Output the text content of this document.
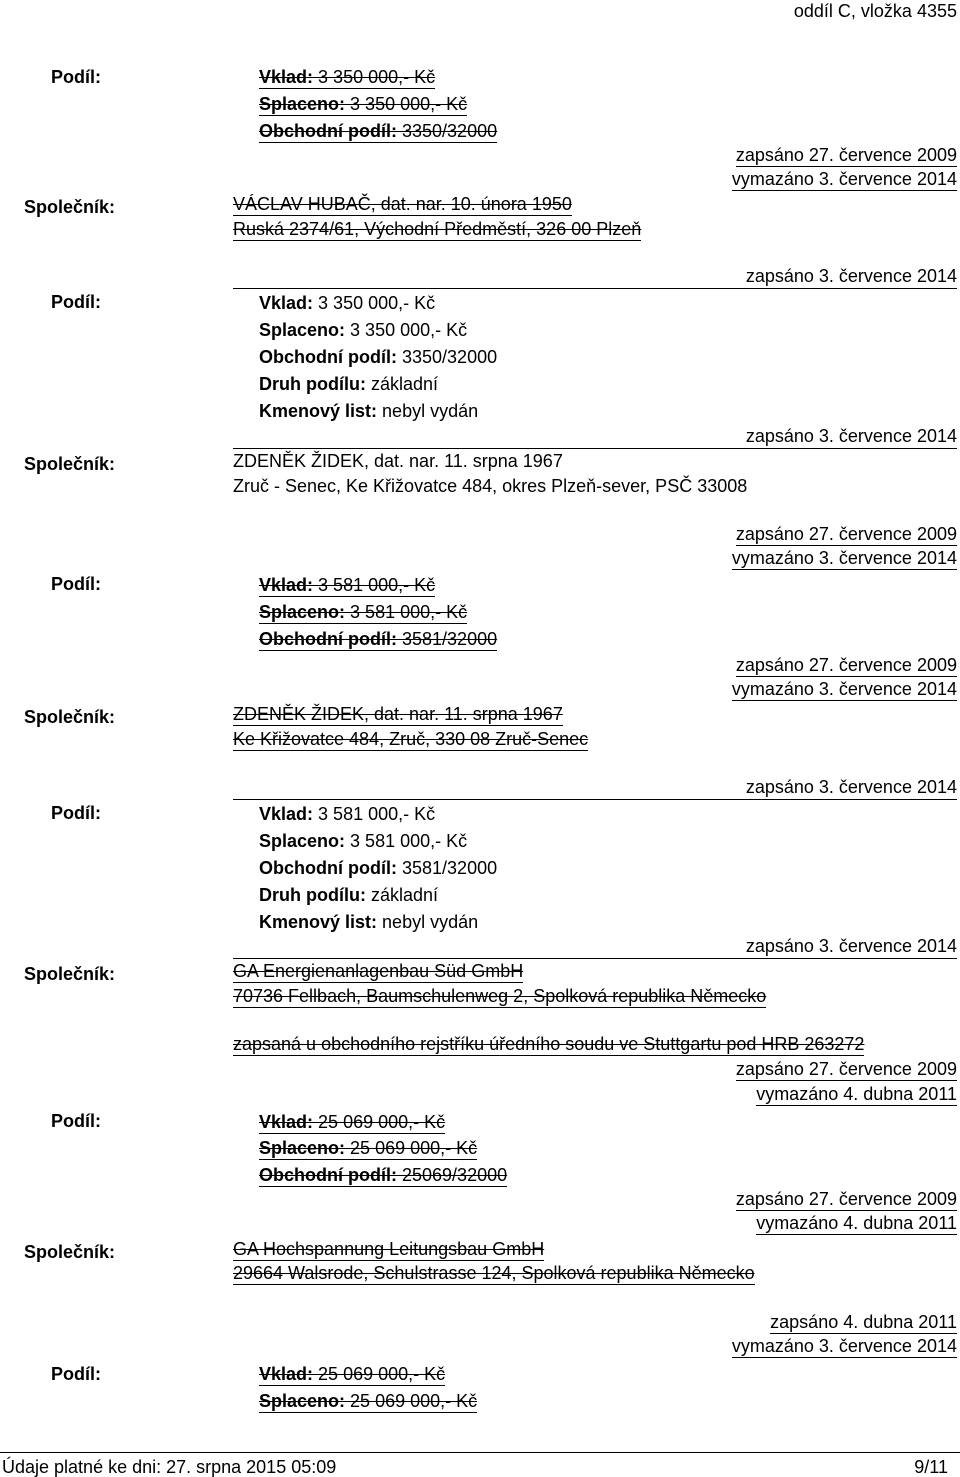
oddíl C, vložka 4355
Podíl:	Vklad: 3 350 000,- Kč
Splaceno: 3 350 000,- Kč
Obchodní podíl: 3350/32000
zapsáno 27. července 2009
vymazáno 3. července 2014
Společník:	VÁCLAV HUBAČ, dat. nar. 10. února 1950
Ruská 2374/61, Východní Předměstí, 326 00 Plzeň
zapsáno 3. července 2014
Podíl:	Vklad: 3 350 000,- Kč
Splaceno: 3 350 000,- Kč
Obchodní podíl: 3350/32000
Druh podílu: základní
Kmenový list: nebyl vydán
zapsáno 3. července 2014
Společník:	ZDENĚK ŽIDEK, dat. nar. 11. srpna 1967
Zruč - Senec, Ke Křižovatce 484, okres Plzeň-sever, PSČ 33008
zapsáno 27. července 2009
vymazáno 3. července 2014
Podíl:	Vklad: 3 581 000,- Kč
Splaceno: 3 581 000,- Kč
Obchodní podíl: 3581/32000
zapsáno 27. července 2009
vymazáno 3. července 2014
Společník:	ZDENĚK ŽIDEK, dat. nar. 11. srpna 1967
Ke Křižovatce 484, Zruč, 330 08 Zruč-Senec
zapsáno 3. července 2014
Podíl:	Vklad: 3 581 000,- Kč
Splaceno: 3 581 000,- Kč
Obchodní podíl: 3581/32000
Druh podílu: základní
Kmenový list: nebyl vydán
zapsáno 3. července 2014
Společník:	GA Energienanlagenbau Süd GmbH
70736 Fellbach, Baumschulenweg 2, Spolková republika Německo
zapsaná u obchodního rejstříku úředního soudu ve Stuttgartu pod HRB 263272
zapsáno 27. července 2009
vymazáno 4. dubna 2011
Podíl:	Vklad: 25 069 000,- Kč
Splaceno: 25 069 000,- Kč
Obchodní podíl: 25069/32000
zapsáno 27. července 2009
vymazáno 4. dubna 2011
Společník:	GA Hochspannung Leitungsbau GmbH
29664 Walsrode, Schulstrasse 124, Spolková republika Německo
zapsáno 4. dubna 2011
vymazáno 3. července 2014
Podíl:	Vklad: 25 069 000,- Kč
Splaceno: 25 069 000,- Kč
Údaje platné ke dni: 27. srpna 2015 05:09	9/11
